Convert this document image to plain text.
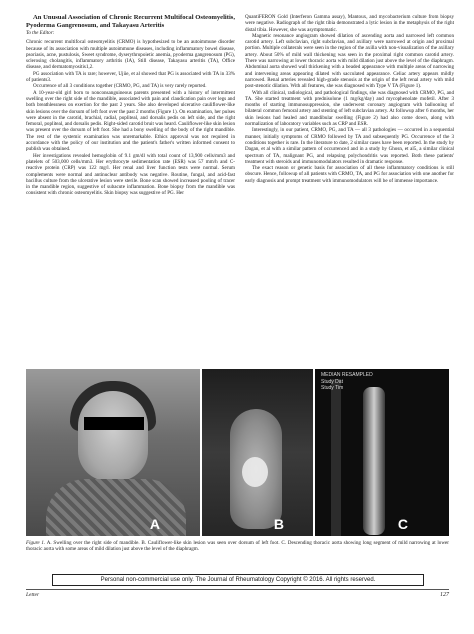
An Unusual Association of Chronic Recurrent Multifocal Osteomyelitis, Pyoderma Gangrenosum, and Takayasu Arteritis

To the Editor:

Chronic recurrent multifocal osteomyelitis (CRMO) is hypothesized to be an autoimmune disorder because of its association with multiple autoimmune diseases, including inflammatory bowel disease, psoriasis, acne, pustulosis, Sweet syndrome, dyserythropoietic anemia, pyoderma gangrenosum (PG), sclerosing cholangitis, inflammatory arthritis (IA), Still disease, Takayasu arteritis (TA), Office disease, and dermatomyositis1,2.

PG association with TA is rare; however, Ujiie, et al showed that PG is associated with TA in 33% of patients3.

Occurrence of all 3 conditions together (CRMO, PG, and TA) is very rarely reported.

A 10-year-old girl born to nonconsanguineous parents presented with a history of intermittent swelling over the right side of the mandible, associated with pain and claudication pain over legs and both breathlessness on exertion for the past 2 years. She also developed ulcerative cauliflower-like skin lesions over the dorsum of left foot over the past 2 months (Figure 1). On examination, her pulses were absent in the carotid, brachial, radial, popliteal, and dorsalis pedis on left side, and the right femoral, popliteal, and dorsalis pedis. Right-sided carotid bruit was heard. Cauliflower-like skin lesion was present over the dorsum of left foot. She had a bony swelling of the body of the right mandible. The rest of the systemic examination was unremarkable. Ethics approval was not required in accordance with the policy of our institution and the patient's father's written informed consent to publish was obtained.

Her investigations revealed hemoglobin of 9.1 gm/dl with total count of 13,900 cells/mm3 and platelets of 503,000 cells/mm3. Her erythrocyte sedimentation rate (ESR) was 57 mm/h and C-reactive protein (CRP) was 122 mg/l. Her renal and liver function tests were normal. Serum complements were normal and antinuclear antibody was negative. Routine, fungal, and acid-fast bacillus culture from the ulcerative lesion were sterile. Bone scan showed increased pooling of tracer in the mandible region, suggestive of subacute inflammation. Bone biopsy from the mandible was consistent with chronic osteomyelitis. Skin biopsy was suggestive of PG. Her

QuantiFERON Gold (Interferon Gamma assay), Mantoux, and mycobacterium culture from biopsy were negative. Radiograph of the right tibia demonstrated a lytic lesion in the metaphysis of the right distal tibia. However, she was asymptomatic.

Magnetic resonance angiogram showed dilation of ascending aorta and narrowed left common carotid artery. Left subclavian, right subclavian, and axillary were narrowed at origin and proximal portion. Multiple collaterals were seen in the region of the axilla with non-visualization of the axillary artery. About 50% of mild wall thickening was seen in the proximal right common carotid artery. There was narrowing at lower thoracic aorta with mild dilation just above the level of the diaphragm. Abdominal aorta showed wall thickening with a beaded appearance with multiple areas of narrowing and intervening areas appearing dilated with sacculated appearance. Celiac artery appears mildly narrowed. Renal arteries revealed high-grade stenosis at the origin of the left renal artery with mild post-stenotic dilation. With all features, she was diagnosed with Type V TA (Figure 1).

With all clinical, radiological, and pathological findings, she was diagnosed with CRMO, PG, and TA. She started treatment with prednisolone (1 mg/kg/day) and mycophenolate mofetil. After 3 months of starting immunosuppression, she underwent coronary angiogram with ballooning of bilateral common femoral artery and stenting of left subclavian artery. At followup after 6 months, her skin lesions had healed and mandibular swelling (Figure 2) had also come down, along with normalization of laboratory variables such as CRP and ESR.

Interestingly, in our patient, CRMO, PG, and TA — all 3 pathologies — occurred in a sequential manner, initially symptoms of CRMO followed by TA and subsequently PG. Occurrence of the 3 conditions together is rare. In the literature to date, 2 similar cases have been reported. In the study by Dagan, et al with a similar pattern of occurrence4 and in a study by Ghosn, et al5, a similar clinical spectrum of TA, malignant PG, and relapsing polychondritis was reported. Both these patients' treatment with steroids and immunomodulators resulted in dramatic response.

The exact reason or genetic basis for association of all these inflammatory conditions is still obscure. Hence, followup of all patients with CRMO, TA, and PG for association with one another for early diagnosis and prompt treatment with immunomodulators will be of immense importance.

A	B
MEDIAN RESAMPLED
Study Dat
Study Tim
C
Figure 1. A. Swelling over the right side of mandible. B. Cauliflower-like skin lesion was seen over dorsum of left foot. C. Descending thoracic aorta showing long segment of mild narrowing at lower thoracic aorta with some areas of mild dilation just above the level of the diaphragm.
Personal non-commercial use only. The Journal of Rheumatology Copyright © 2016. All rights reserved.
Letter	127
